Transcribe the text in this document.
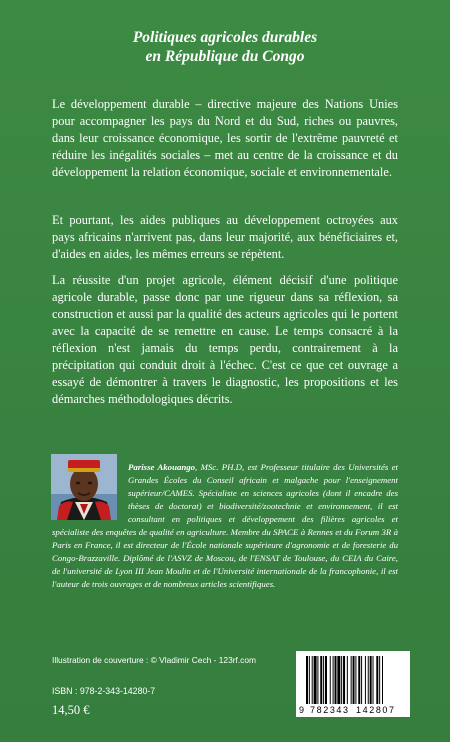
Politiques agricoles durables
en République du Congo

Le développement durable – directive majeure des Nations Unies pour accompagner les pays du Nord et du Sud, riches ou pauvres, dans leur croissance économique, les sortir de l'extrême pauvreté et réduire les inégalités sociales – met au centre de la croissance et du développement la relation économique, sociale et environnementale.

Et pourtant, les aides publiques au développement octroyées aux pays africains n'arrivent pas, dans leur majorité, aux bénéficiaires et, d'aides en aides, les mêmes erreurs se répètent.

La réussite d'un projet agricole, élément décisif d'une politique agricole durable, passe donc par une rigueur dans sa réflexion, sa construction et aussi par la qualité des acteurs agricoles qui le portent avec la capacité de se remettre en cause. Le temps consacré à la réflexion n'est jamais du temps perdu, contrairement à la précipitation qui conduit droit à l'échec. C'est ce que cet ouvrage a essayé de démontrer à travers le diagnostic, les propositions et les démarches méthodologiques décrits.

Parisse Akouango, MSc. PH.D, est Professeur titulaire des Universités et Grandes Écoles du Conseil africain et malgache pour l'enseignement supérieur/CAMES. Spécialiste en sciences agricoles (dont il encadre des thèses de doctorat) et biodiversité/zootechnie et environnement, il est consultant en politiques et développement des filières agricoles et spécialiste des enquêtes de qualité en agriculture. Membre du SPACE à Rennes et du Forum 3R à Paris en France, il est directeur de l'École nationale supérieure d'agronomie et de foresterie du Congo-Brazzaville. Diplômé de l'ASVZ de Moscou, de l'ENSAT de Toulouse, du CEIA du Caire, de l'université de Lyon III Jean Moulin et de l'Université internationale de la francophonie, il est l'auteur de trois ouvrages et de nombreux articles scientifiques.
Illustration de couverture : © Vladimir Cech - 123rf.com
ISBN : 978-2-343-14280-7
14,50 €	9 782343 142807
